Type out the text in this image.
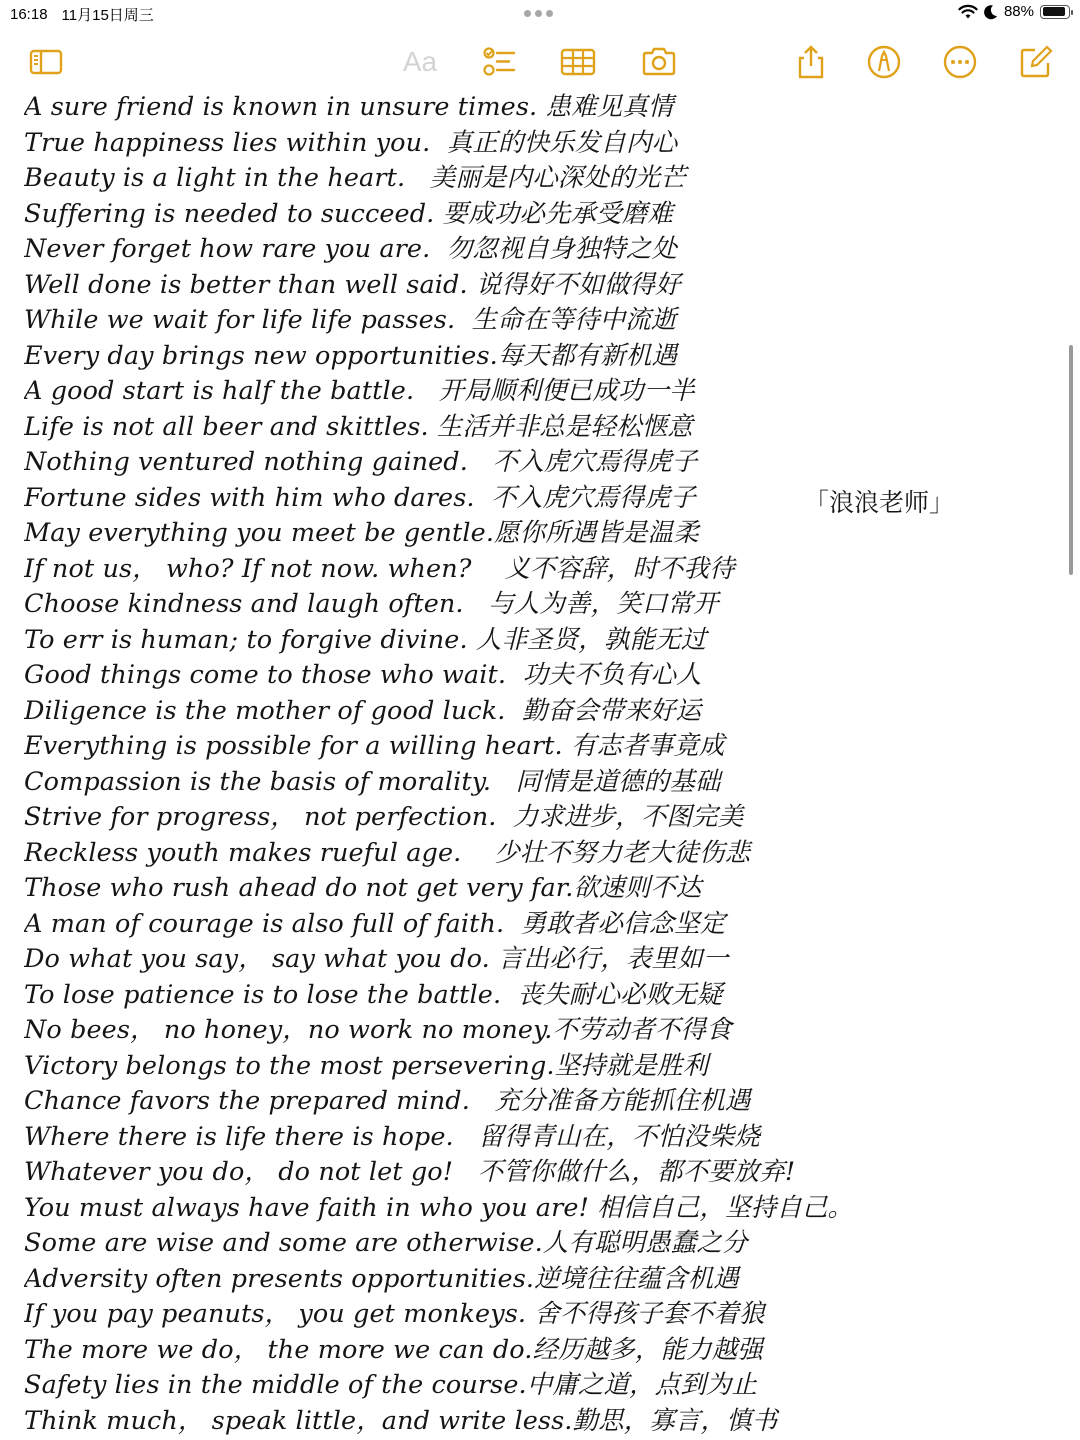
16:18 11月15日周三	88%
Aa
A sure friend is known in unsure times. 患难见真情
True happiness lies within you.  真正的快乐发自内心
Beauty is a light in the heart.   美丽是内心深处的光芒
Suffering is needed to succeed. 要成功必先承受磨难
Never forget how rare you are.  勿忽视自身独特之处
Well done is better than well said. 说得好不如做得好
While we wait for life life passes.  生命在等待中流逝
Every day brings new opportunities.每天都有新机遇
A good start is half the battle.   开局顺利便已成功一半
Life is not all beer and skittles. 生活并非总是轻松惬意
Nothing ventured nothing gained.   不入虎穴焉得虎子
Fortune sides with him who dares.  不入虎穴焉得虎子
May everything you meet be gentle.愿你所遇皆是温柔
If not us， who? If not now. when?    义不容辞，时不我待
Choose kindness and laugh often.   与人为善，笑口常开
To err is human; to forgive divine. 人非圣贤，孰能无过
Good things come to those who wait.  功夫不负有心人
Diligence is the mother of good luck.  勤奋会带来好运
Everything is possible for a willing heart. 有志者事竟成
Compassion is the basis of morality.   同情是道德的基础
Strive for progress， not perfection.  力求进步，不图完美
Reckless youth makes rueful age.    少壮不努力老大徒伤悲
Those who rush ahead do not get very far.欲速则不达
A man of courage is also full of faith.  勇敢者必信念坚定
Do what you say， say what you do. 言出必行，表里如一
To lose patience is to lose the battle.  丧失耐心必败无疑
No bees， no honey，no work no money.不劳动者不得食
Victory belongs to the most persevering.坚持就是胜利
Chance favors the prepared mind.   充分准备方能抓住机遇
Where there is life there is hope.   留得青山在，不怕没柴烧
Whatever you do， do not let go!   不管你做什么，都不要放弃!
You must always have faith in who you are! 相信自己，坚持自己。
Some are wise and some are otherwise.人有聪明愚蠢之分
Adversity often presents opportunities.逆境往往蕴含机遇
If you pay peanuts， you get monkeys. 舍不得孩子套不着狼
The more we do， the more we can do.经历越多，能力越强
Safety lies in the middle of the course.中庸之道，点到为止
Think much， speak little，and write less.勤思，寡言，慎书
「浪浪老师」
